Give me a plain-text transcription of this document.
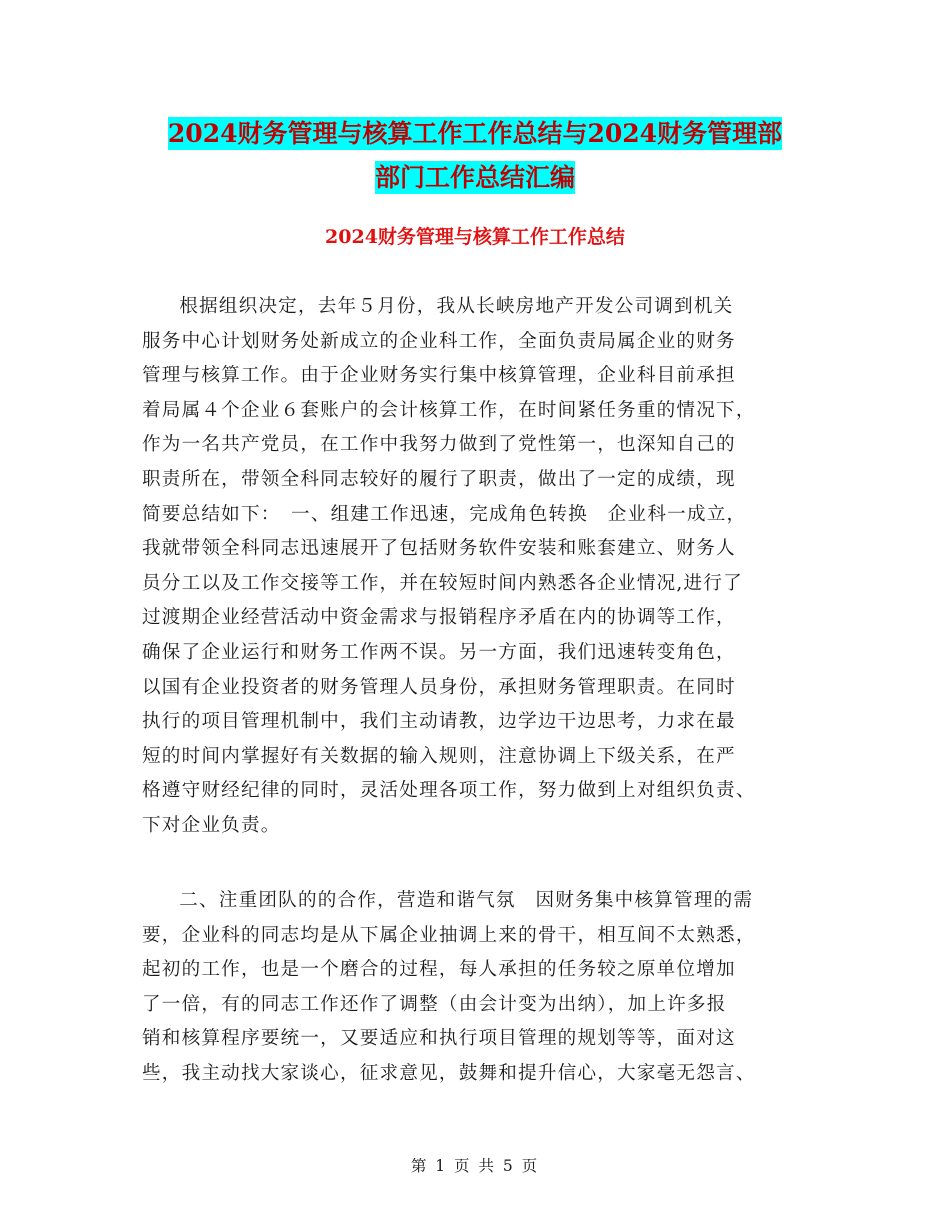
2024财务管理与核算工作工作总结与2024财务管理部
部门工作总结汇编
2024财务管理与核算工作工作总结
根据组织决定，去年５月份，我从长峡房地产开发公司调到机关
服务中心计划财务处新成立的企业科工作，全面负责局属企业的财务
管理与核算工作。由于企业财务实行集中核算管理，企业科目前承担
着局属４个企业６套账户的会计核算工作，在时间紧任务重的情况下，
作为一名共产党员，在工作中我努力做到了党性第一，也深知自己的
职责所在，带领全科同志较好的履行了职责，做出了一定的成绩，现
简要总结如下：　一、组建工作迅速，完成角色转换　企业科一成立，
我就带领全科同志迅速展开了包括财务软件安装和账套建立、财务人
员分工以及工作交接等工作，并在较短时间内熟悉各企业情况,进行了
过渡期企业经营活动中资金需求与报销程序矛盾在内的协调等工作，
确保了企业运行和财务工作两不误。另一方面，我们迅速转变角色，
以国有企业投资者的财务管理人员身份，承担财务管理职责。在同时
执行的项目管理机制中，我们主动请教，边学边干边思考，力求在最
短的时间内掌握好有关数据的输入规则，注意协调上下级关系，在严
格遵守财经纪律的同时，灵活处理各项工作，努力做到上对组织负责、
下对企业负责。
二、注重团队的的合作，营造和谐气氛　因财务集中核算管理的需
要，企业科的同志均是从下属企业抽调上来的骨干，相互间不太熟悉，
起初的工作，也是一个磨合的过程，每人承担的任务较之原单位增加
了一倍，有的同志工作还作了调整（由会计变为出纳），加上许多报
销和核算程序要统一，又要适应和执行项目管理的规划等等，面对这
些，我主动找大家谈心，征求意见，鼓舞和提升信心，大家毫无怨言、
第 1 页 共 5 页
